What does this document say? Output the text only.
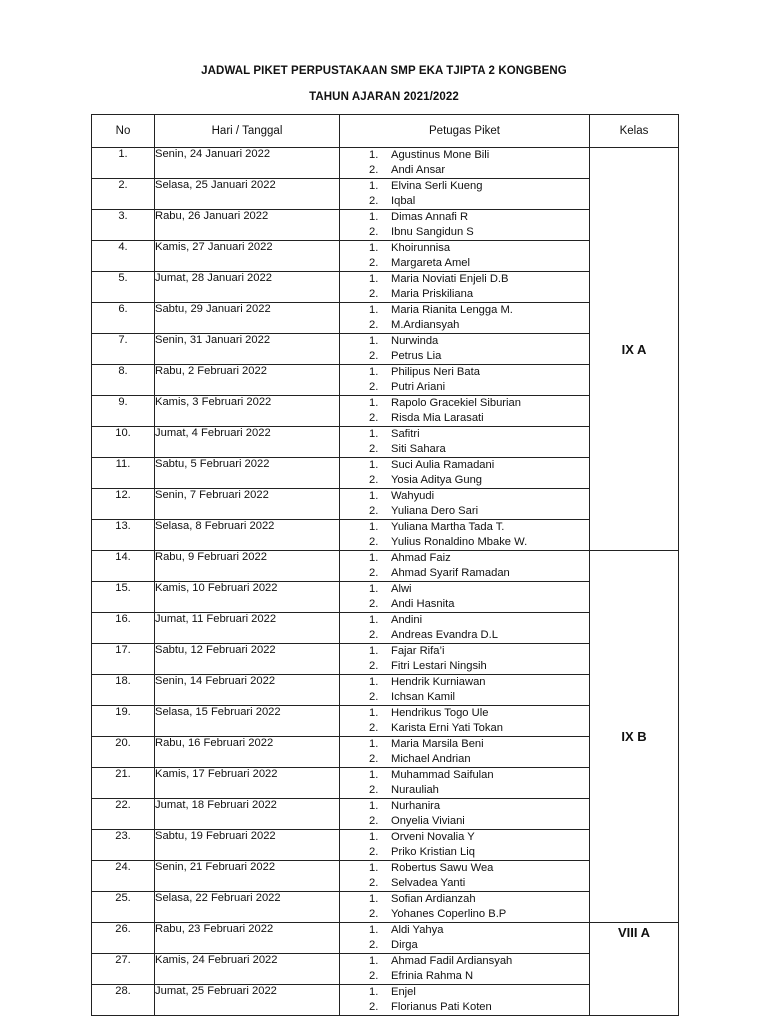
JADWAL PIKET PERPUSTAKAAN SMP EKA TJIPTA 2 KONGBENG
TAHUN AJARAN 2021/2022
No	Hari / Tanggal	Petugas Piket	Kelas
1.	Senin, 24 Januari 2022	1. Agustinus Mone Bili
2. Andi Ansar	IX A
2.	Selasa, 25 Januari 2022	1. Elvina Serli Kueng
2. Iqbal	

3.	Rabu, 26 Januari 2022	1. Dimas Annafi R
2. Ibnu Sangidun S	

4.	Kamis, 27 Januari 2022	1. Khoirunnisa
2. Margareta Amel	

5.	Jumat, 28 Januari 2022	1. Maria Noviati Enjeli D.B
2. Maria Priskiliana	

6.	Sabtu, 29 Januari 2022	1. Maria Rianita Lengga M.
2. M.Ardiansyah	

7.	Senin, 31 Januari 2022	1. Nurwinda
2. Petrus Lia	

8.	Rabu, 2 Februari 2022	1. Philipus Neri Bata
2. Putri Ariani	

9.	Kamis, 3 Februari 2022	1. Rapolo Gracekiel Siburian
2. Risda Mia Larasati	

10.	Jumat, 4 Februari 2022	1. Safitri
2. Siti Sahara	

11.	Sabtu, 5 Februari 2022	1. Suci Aulia Ramadani
2. Yosia Aditya Gung	

12.	Senin, 7 Februari 2022	1. Wahyudi
2. Yuliana Dero Sari	

13.	Selasa, 8 Februari 2022	1. Yuliana Martha Tada T.
2. Yulius Ronaldino Mbake W.	

14.	Rabu, 9 Februari 2022	1. Ahmad Faiz
2. Ahmad Syarif Ramadan	IX B
15.	Kamis, 10 Februari 2022	1. Alwi
2. Andi Hasnita	

16.	Jumat, 11 Februari 2022	1. Andini
2. Andreas Evandra D.L	

17.	Sabtu, 12 Februari 2022	1. Fajar Rifa’i
2. Fitri Lestari Ningsih	

18.	Senin, 14 Februari 2022	1. Hendrik Kurniawan
2. Ichsan Kamil	

19.	Selasa, 15 Februari 2022	1. Hendrikus Togo Ule
2. Karista Erni Yati Tokan	

20.	Rabu, 16 Februari 2022	1. Maria Marsila Beni
2. Michael Andrian	

21.	Kamis, 17 Februari 2022	1. Muhammad Saifulan
2. Nurauliah	

22.	Jumat, 18 Februari 2022	1. Nurhanira
2. Onyelia Viviani	

23.	Sabtu, 19 Februari 2022	1. Orveni Novalia Y
2. Priko Kristian Liq	

24.	Senin, 21 Februari 2022	1. Robertus Sawu Wea
2. Selvadea Yanti	

25.	Selasa, 22 Februari 2022	1. Sofian Ardianzah
2. Yohanes Coperlino B.P	

26.	Rabu, 23 Februari 2022	1. Aldi Yahya
2. Dirga	VIII A
27.	Kamis, 24 Februari 2022	1. Ahmad Fadil Ardiansyah
2. Efrinia Rahma N	

28.	Jumat, 25 Februari 2022	1. Enjel
2. Florianus Pati Koten	
